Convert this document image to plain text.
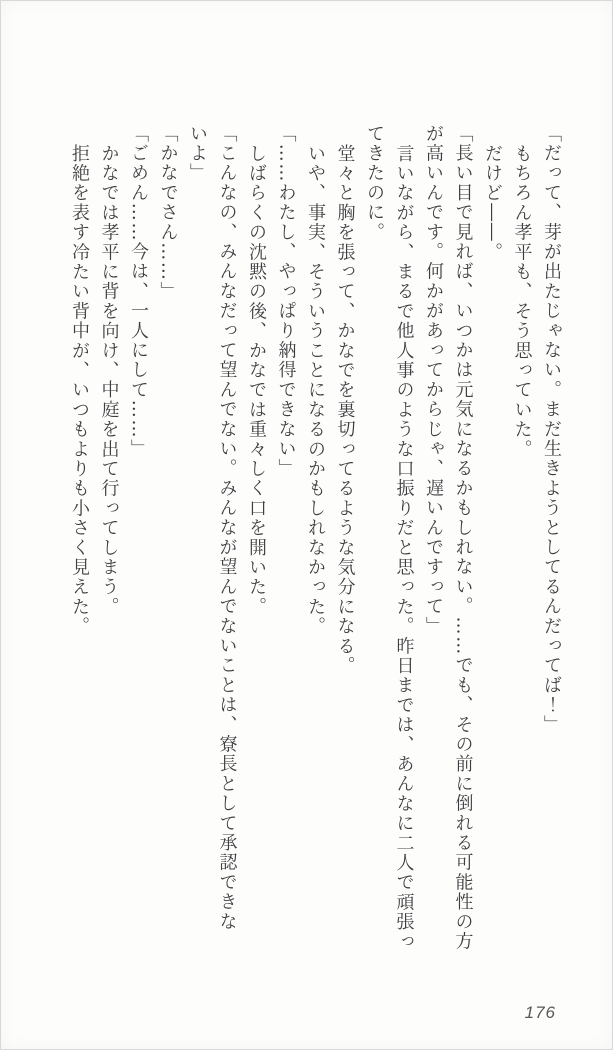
「だって、芽が出たじゃない。まだ生きようとしてるんだってば！」

もちろん孝平も、そう思っていた。

だけど――。

「長い目で見れば、いつかは元気になるかもしれない。……でも、その前に倒れる可能性の方

が高いんです。何かがあってからじゃ、遅いんですって」

言いながら、まるで他人事のような口振りだと思った。昨日までは、あんなに二人で頑張っ

てきたのに。

堂々と胸を張って、かなでを裏切ってるような気分になる。

いや、事実、そういうことになるのかもしれなかった。

「……わたし、やっぱり納得できない」

しばらくの沈黙の後、かなでは重々しく口を開いた。

「こんなの、みんなだって望んでない。みんなが望んでないことは、寮長として承認できな

いよ」

「かなでさん……」

「ごめん……今は、一人にして……」

かなでは孝平に背を向け、中庭を出て行ってしまう。

拒絶を表す冷たい背中が、いつもよりも小さく見えた。

176
